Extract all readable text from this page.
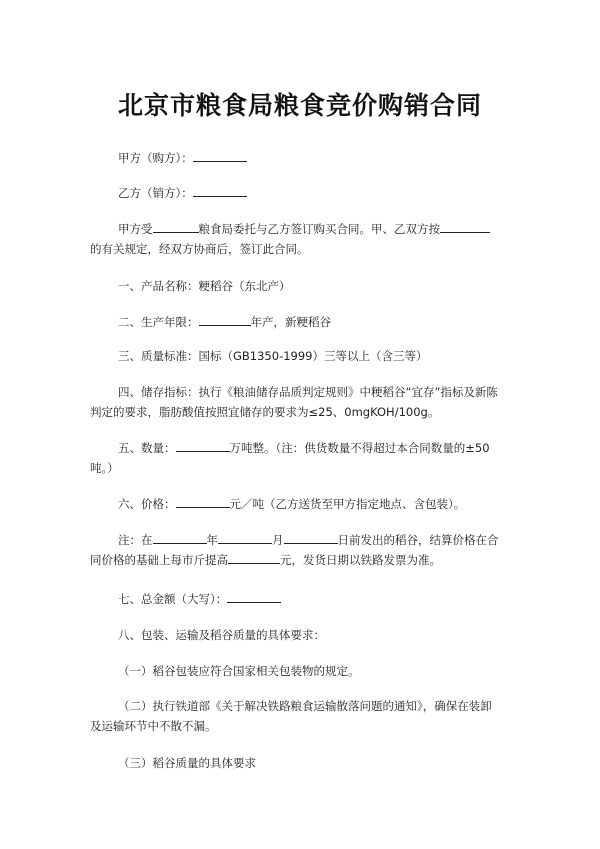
北京市粮食局粮食竞价购销合同
甲方（购方）：
乙方（销方）：
甲方受	粮食局委托与乙方签订购买合同。甲、乙双方按
的有关规定，经双方协商后，签订此合同。
一、产品名称：粳稻谷（东北产）
二、生产年限：	年产，新粳稻谷
三、质量标准：国标（GB1350-1999）三等以上（含三等）
四、储存指标：执行《粮油储存品质判定规则》中粳稻谷“宜存”指标及新陈
判定的要求，脂肪酸值按照宜储存的要求为≤25、0mgKOH/100g。
五、数量：	万吨整。（注：供货数量不得超过本合同数量的±50
吨。）
六、价格：	元／吨（乙方送货至甲方指定地点、含包装）。
注：在	年	月	日前发出的稻谷，结算价格在合
同价格的基础上每市斤提高	元，发货日期以铁路发票为准。
七、总金额（大写）：
八、包装、运输及稻谷质量的具体要求：
（一）稻谷包装应符合国家相关包装物的规定。
（二）执行铁道部《关于解决铁路粮食运输散落问题的通知》，确保在装卸
及运输环节中不散不漏。
（三）稻谷质量的具体要求
